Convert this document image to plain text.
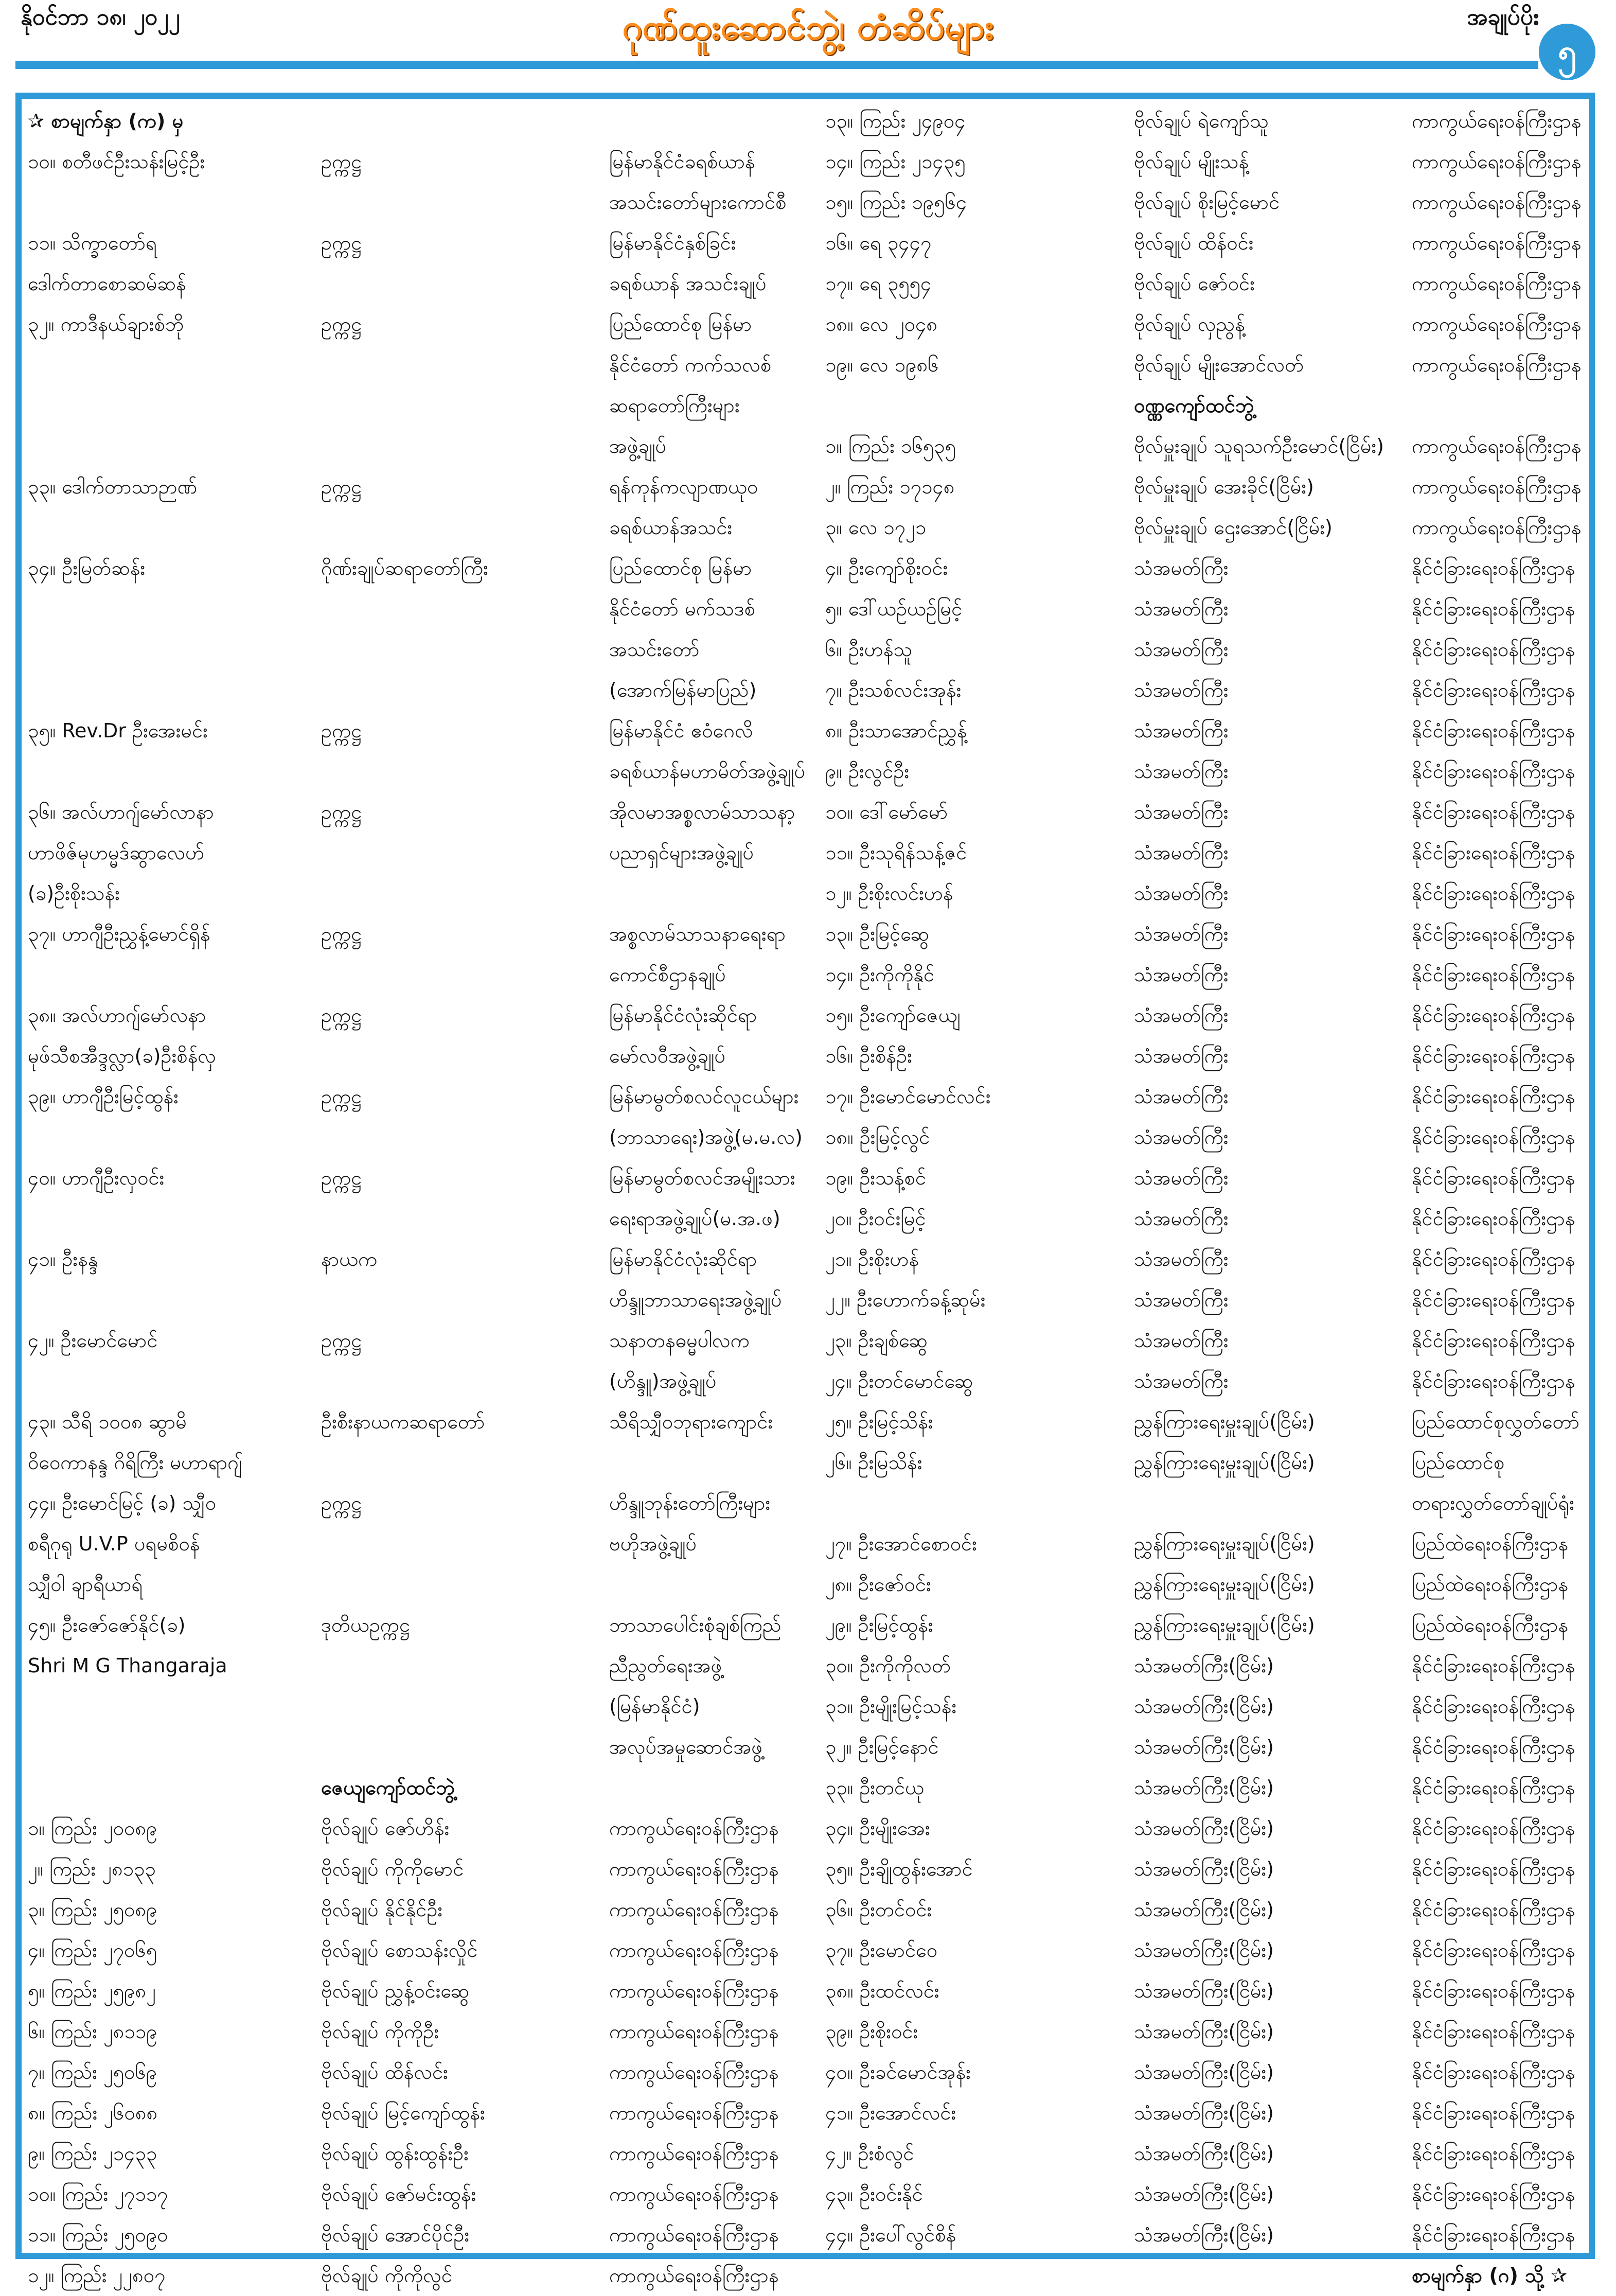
နိုဝင်ဘာ ၁၈၊ ၂၀၂၂	ဂုဏ်ထူးဆောင်ဘွဲ့၊ တံဆိပ်များ	အချုပ်ပိုး
၅
✰ စာမျက်နှာ (က) မှ	၁၃။ ကြည်း ၂၄၉၀၄	ဗိုလ်ချုပ် ရဲကျော်သူ	ကာကွယ်ရေးဝန်ကြီးဌာန
၁၀။ စတီဖင်ဦးသန်းမြင့်ဦး	ဥက္ကဋ္ဌ	မြန်မာနိုင်ငံခရစ်ယာန်	၁၄။ ကြည်း ၂၁၄၃၅	ဗိုလ်ချုပ် မျိုးသန့်	ကာကွယ်ရေးဝန်ကြီးဌာန
အသင်းတော်များကောင်စီ	၁၅။ ကြည်း ၁၉၅၆၄	ဗိုလ်ချုပ် စိုးမြင့်မောင်	ကာကွယ်ရေးဝန်ကြီးဌာန
၁၁။ သိက္ခာတော်ရ	ဥက္ကဋ္ဌ	မြန်မာနိုင်ငံနှစ်ခြင်း	၁၆။ ရေ ၃၄၄၇	ဗိုလ်ချုပ် ထိန်ဝင်း	ကာကွယ်ရေးဝန်ကြီးဌာန
ဒေါက်တာစောဆမ်ဆန်	ခရစ်ယာန် အသင်းချုပ်	၁၇။ ရေ ၃၅၅၄	ဗိုလ်ချုပ် ဇော်ဝင်း	ကာကွယ်ရေးဝန်ကြီးဌာန
၃၂။ ကာဒီနယ်ချားစ်ဘို	ဥက္ကဋ္ဌ	ပြည်ထောင်စု မြန်မာ	၁၈။ လေ ၂၀၄၈	ဗိုလ်ချုပ် လှညွန့်	ကာကွယ်ရေးဝန်ကြီးဌာန
နိုင်ငံတော် ကက်သလစ်	၁၉။ လေ ၁၉၈၆	ဗိုလ်ချုပ် မျိုးအောင်လတ်	ကာကွယ်ရေးဝန်ကြီးဌာန
ဆရာတော်ကြီးများ	ဝဏ္ဏကျော်ထင်ဘွဲ့
အဖွဲ့ချုပ်	၁။ ကြည်း ၁၆၅၃၅	ဗိုလ်မှူးချုပ် သူရသက်ဦးမောင်(ငြိမ်း)	ကာကွယ်ရေးဝန်ကြီးဌာန
၃၃။ ဒေါက်တာသာဉာဏ်	ဥက္ကဋ္ဌ	ရန်ကုန်ကလျာဏယုဝ	၂။ ကြည်း ၁၇၁၄၈	ဗိုလ်မှူးချုပ် အေးခိုင်(ငြိမ်း)	ကာကွယ်ရေးဝန်ကြီးဌာန
ခရစ်ယာန်အသင်း	၃။ လေ ၁၇၂၁	ဗိုလ်မှူးချုပ် ဌေးအောင်(ငြိမ်း)	ကာကွယ်ရေးဝန်ကြီးဌာန
၃၄။ ဦးမြတ်ဆန်း	ဂိုဏ်းချုပ်ဆရာတော်ကြီး	ပြည်ထောင်စု မြန်မာ	၄။ ဦးကျော်စိုးဝင်း	သံအမတ်ကြီး	နိုင်ငံခြားရေးဝန်ကြီးဌာန
နိုင်ငံတော် မက်သဒစ်	၅။ ဒေါ်ယဉ်ယဉ်မြင့်	သံအမတ်ကြီး	နိုင်ငံခြားရေးဝန်ကြီးဌာန
အသင်းတော်	၆။ ဦးဟန်သူ	သံအမတ်ကြီး	နိုင်ငံခြားရေးဝန်ကြီးဌာန
(အောက်မြန်မာပြည်)	၇။ ဦးသစ်လင်းအုန်း	သံအမတ်ကြီး	နိုင်ငံခြားရေးဝန်ကြီးဌာန
၃၅။ Rev.Dr ဦးအေးမင်း	ဥက္ကဋ္ဌ	မြန်မာနိုင်ငံ ဧဝံဂေလိ	၈။ ဦးသာအောင်ညွှန့်	သံအမတ်ကြီး	နိုင်ငံခြားရေးဝန်ကြီးဌာန
ခရစ်ယာန်မဟာမိတ်အဖွဲ့ချုပ်	၉။ ဦးလွင်ဦး	သံအမတ်ကြီး	နိုင်ငံခြားရေးဝန်ကြီးဌာန
၃၆။ အလ်ဟာဂျ်မော်လာနာ	ဥက္ကဋ္ဌ	အိုလမာအစ္စလာမ်သာသနာ့	၁၀။ ဒေါ်မော်မော်	သံအမတ်ကြီး	နိုင်ငံခြားရေးဝန်ကြီးဌာန
ဟာဖိဇ်မုဟမ္မဒ်ဆွာလေဟ်	ပညာရှင်များအဖွဲ့ချုပ်	၁၁။ ဦးသုရိန်သန့်ဇင်	သံအမတ်ကြီး	နိုင်ငံခြားရေးဝန်ကြီးဌာန
(ခ)ဦးစိုးသန်း	၁၂။ ဦးစိုးလင်းဟန်	သံအမတ်ကြီး	နိုင်ငံခြားရေးဝန်ကြီးဌာန
၃၇။ ဟာဂျီဦးညွှန့်မောင်ရှိန်	ဥက္ကဋ္ဌ	အစ္စလာမ်သာသနာရေးရာ	၁၃။ ဦးမြင့်ဆွေ	သံအမတ်ကြီး	နိုင်ငံခြားရေးဝန်ကြီးဌာန
ကောင်စီဌာနချုပ်	၁၄။ ဦးကိုကိုနိုင်	သံအမတ်ကြီး	နိုင်ငံခြားရေးဝန်ကြီးဌာန
၃၈။ အလ်ဟာဂျ်မော်လနာ	ဥက္ကဋ္ဌ	မြန်မာနိုင်ငံလုံးဆိုင်ရာ	၁၅။ ဦးကျော်ဇေယျ	သံအမတ်ကြီး	နိုင်ငံခြားရေးဝန်ကြီးဌာန
မုဖ်သီစအီဒ္ဒလ္လာ(ခ)ဦးစိန်လှ	မော်လဝီအဖွဲ့ချုပ်	၁၆။ ဦးစိန်ဦး	သံအမတ်ကြီး	နိုင်ငံခြားရေးဝန်ကြီးဌာန
၃၉။ ဟာဂျီဦးမြင့်ထွန်း	ဥက္ကဋ္ဌ	မြန်မာမွတ်စလင်လူငယ်များ	၁၇။ ဦးမောင်မောင်လင်း	သံအမတ်ကြီး	နိုင်ငံခြားရေးဝန်ကြီးဌာန
(ဘာသာရေး)အဖွဲ့(မ.မ.လ)	၁၈။ ဦးမြင့်လွင်	သံအမတ်ကြီး	နိုင်ငံခြားရေးဝန်ကြီးဌာန
၄၀။ ဟာဂျီဦးလှဝင်း	ဥက္ကဋ္ဌ	မြန်မာမွတ်စလင်အမျိုးသား	၁၉။ ဦးသန့်စင်	သံအမတ်ကြီး	နိုင်ငံခြားရေးဝန်ကြီးဌာန
ရေးရာအဖွဲ့ချုပ်(မ.အ.ဖ)	၂၀။ ဦးဝင်းမြင့်	သံအမတ်ကြီး	နိုင်ငံခြားရေးဝန်ကြီးဌာန
၄၁။ ဦးနန္ဒ	နာယက	မြန်မာနိုင်ငံလုံးဆိုင်ရာ	၂၁။ ဦးစိုးဟန်	သံအမတ်ကြီး	နိုင်ငံခြားရေးဝန်ကြီးဌာန
ဟိန္ဒူဘာသာရေးအဖွဲ့ချုပ်	၂၂။ ဦးဟောက်ခန့်ဆုမ်း	သံအမတ်ကြီး	နိုင်ငံခြားရေးဝန်ကြီးဌာန
၄၂။ ဦးမောင်မောင်	ဥက္ကဋ္ဌ	သနာတနဓမ္မပါလက	၂၃။ ဦးချစ်ဆွေ	သံအမတ်ကြီး	နိုင်ငံခြားရေးဝန်ကြီးဌာန
(ဟိန္ဒူ)အဖွဲ့ချုပ်	၂၄။ ဦးတင်မောင်ဆွေ	သံအမတ်ကြီး	နိုင်ငံခြားရေးဝန်ကြီးဌာန
၄၃။ သီရိ ၁၀၀၈ ဆွာမိ	ဦးစီးနာယကဆရာတော်	သီရိသျှီဝဘုရားကျောင်း	၂၅။ ဦးမြင့်သိန်း	ညွှန်ကြားရေးမှူးချုပ်(ငြိမ်း)	ပြည်ထောင်စုလွှတ်တော်
ဝိဝေကာနန္ဒ ဂိရိကြီး မဟာရာဂျ်	၂၆။ ဦးမြသိန်း	ညွှန်ကြားရေးမှူးချုပ်(ငြိမ်း)	ပြည်ထောင်စု
၄၄။ ဦးမောင်မြင့် (ခ) သျှီဝ	ဥက္ကဋ္ဌ	ဟိန္ဒူဘုန်းတော်ကြီးများ	တရားလွှတ်တော်ချုပ်ရုံး
စရီဂုရု U.V.P ပရမစိဝန်	ဗဟိုအဖွဲ့ချုပ်	၂၇။ ဦးအောင်စောဝင်း	ညွှန်ကြားရေးမှူးချုပ်(ငြိမ်း)	ပြည်ထဲရေးဝန်ကြီးဌာန
သျှီဝါ ချာရီယာရ်	၂၈။ ဦးဇော်ဝင်း	ညွှန်ကြားရေးမှူးချုပ်(ငြိမ်း)	ပြည်ထဲရေးဝန်ကြီးဌာန
၄၅။ ဦးဇော်ဇော်နိုင်(ခ)	ဒုတိယဥက္ကဋ္ဌ	ဘာသာပေါင်းစုံချစ်ကြည်	၂၉။ ဦးမြင့်ထွန်း	ညွှန်ကြားရေးမှူးချုပ်(ငြိမ်း)	ပြည်ထဲရေးဝန်ကြီးဌာန
Shri M G Thangaraja	ညီညွတ်ရေးအဖွဲ့	၃၀။ ဦးကိုကိုလတ်	သံအမတ်ကြီး(ငြိမ်း)	နိုင်ငံခြားရေးဝန်ကြီးဌာန
(မြန်မာနိုင်ငံ)	၃၁။ ဦးမျိုးမြင့်သန်း	သံအမတ်ကြီး(ငြိမ်း)	နိုင်ငံခြားရေးဝန်ကြီးဌာန
အလုပ်အမှုဆောင်အဖွဲ့	၃၂။ ဦးမြင့်နောင်	သံအမတ်ကြီး(ငြိမ်း)	နိုင်ငံခြားရေးဝန်ကြီးဌာန
ဇေယျကျော်ထင်ဘွဲ့	၃၃။ ဦးတင်ယု	သံအမတ်ကြီး(ငြိမ်း)	နိုင်ငံခြားရေးဝန်ကြီးဌာန
၁။ ကြည်း ၂၀၀၈၉	ဗိုလ်ချုပ် ဇော်ဟိန်း	ကာကွယ်ရေးဝန်ကြီးဌာန	၃၄။ ဦးမျိုးအေး	သံအမတ်ကြီး(ငြိမ်း)	နိုင်ငံခြားရေးဝန်ကြီးဌာန
၂။ ကြည်း ၂၈၁၃၃	ဗိုလ်ချုပ် ကိုကိုမောင်	ကာကွယ်ရေးဝန်ကြီးဌာန	၃၅။ ဦးချိုထွန်းအောင်	သံအမတ်ကြီး(ငြိမ်း)	နိုင်ငံခြားရေးဝန်ကြီးဌာန
၃။ ကြည်း ၂၅၀၈၉	ဗိုလ်ချုပ် နိုင်နိုင်ဦး	ကာကွယ်ရေးဝန်ကြီးဌာန	၃၆။ ဦးတင်ဝင်း	သံအမတ်ကြီး(ငြိမ်း)	နိုင်ငံခြားရေးဝန်ကြီးဌာန
၄။ ကြည်း ၂၇၀၆၅	ဗိုလ်ချုပ် စောသန်းလှိုင်	ကာကွယ်ရေးဝန်ကြီးဌာန	၃၇။ ဦးမောင်ဝေ	သံအမတ်ကြီး(ငြိမ်း)	နိုင်ငံခြားရေးဝန်ကြီးဌာန
၅။ ကြည်း ၂၅၉၈၂	ဗိုလ်ချုပ် ညွှန့်ဝင်းဆွေ	ကာကွယ်ရေးဝန်ကြီးဌာန	၃၈။ ဦးထင်လင်း	သံအမတ်ကြီး(ငြိမ်း)	နိုင်ငံခြားရေးဝန်ကြီးဌာန
၆။ ကြည်း ၂၈၁၁၉	ဗိုလ်ချုပ် ကိုကိုဦး	ကာကွယ်ရေးဝန်ကြီးဌာန	၃၉။ ဦးစိုးဝင်း	သံအမတ်ကြီး(ငြိမ်း)	နိုင်ငံခြားရေးဝန်ကြီးဌာန
၇။ ကြည်း ၂၅၀၆၉	ဗိုလ်ချုပ် ထိန်လင်း	ကာကွယ်ရေးဝန်ကြီးဌာန	၄၀။ ဦးခင်မောင်အုန်း	သံအမတ်ကြီး(ငြိမ်း)	နိုင်ငံခြားရေးဝန်ကြီးဌာန
၈။ ကြည်း ၂၆၀၈၈	ဗိုလ်ချုပ် မြင့်ကျော်ထွန်း	ကာကွယ်ရေးဝန်ကြီးဌာန	၄၁။ ဦးအောင်လင်း	သံအမတ်ကြီး(ငြိမ်း)	နိုင်ငံခြားရေးဝန်ကြီးဌာန
၉။ ကြည်း ၂၁၄၃၃	ဗိုလ်ချုပ် ထွန်းထွန်းဦး	ကာကွယ်ရေးဝန်ကြီးဌာန	၄၂။ ဦးစံလွင်	သံအမတ်ကြီး(ငြိမ်း)	နိုင်ငံခြားရေးဝန်ကြီးဌာန
၁၀။ ကြည်း ၂၇၁၁၇	ဗိုလ်ချုပ် ဇော်မင်းထွန်း	ကာကွယ်ရေးဝန်ကြီးဌာန	၄၃။ ဦးဝင်းနိုင်	သံအမတ်ကြီး(ငြိမ်း)	နိုင်ငံခြားရေးဝန်ကြီးဌာန
၁၁။ ကြည်း ၂၅၀၉၀	ဗိုလ်ချုပ် အောင်ပိုင်ဦး	ကာကွယ်ရေးဝန်ကြီးဌာန	၄၄။ ဦးပေါ်လွင်စိန်	သံအမတ်ကြီး(ငြိမ်း)	နိုင်ငံခြားရေးဝန်ကြီးဌာန
၁၂။ ကြည်း ၂၂၈၀၇	ဗိုလ်ချုပ် ကိုကိုလွင်	ကာကွယ်ရေးဝန်ကြီးဌာန	စာမျက်နှာ (ဂ) သို့ ✰
